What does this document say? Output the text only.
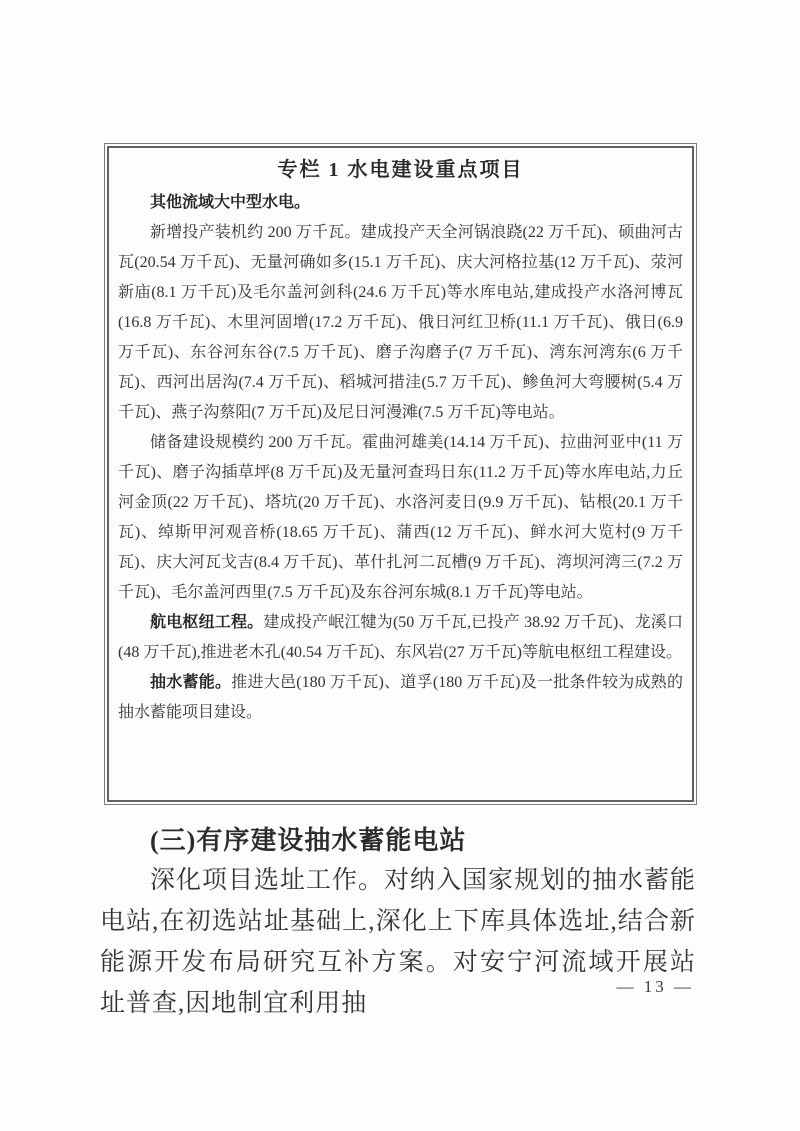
专栏 1 水电建设重点项目

其他流域大中型水电。

新增投产装机约 200 万千瓦。建成投产天全河锅浪跷(22 万千瓦)、硕曲河古瓦(20.54 万千瓦)、无量河确如多(15.1 万千瓦)、庆大河格拉基(12 万千瓦)、荥河新庙(8.1 万千瓦)及毛尔盖河剑科(24.6 万千瓦)等水库电站,建成投产水洛河博瓦(16.8 万千瓦)、木里河固增(17.2 万千瓦)、俄日河红卫桥(11.1 万千瓦)、俄日(6.9 万千瓦)、东谷河东谷(7.5 万千瓦)、磨子沟磨子(7 万千瓦)、湾东河湾东(6 万千瓦)、西河出居沟(7.4 万千瓦)、稻城河措洼(5.7 万千瓦)、鲹鱼河大弯腰树(5.4 万千瓦)、燕子沟蔡阳(7 万千瓦)及尼日河漫滩(7.5 万千瓦)等电站。

储备建设规模约 200 万千瓦。霍曲河雄美(14.14 万千瓦)、拉曲河亚中(11 万千瓦)、磨子沟插草坪(8 万千瓦)及无量河查玛日东(11.2 万千瓦)等水库电站,力丘河金顶(22 万千瓦)、塔坑(20 万千瓦)、水洛河麦日(9.9 万千瓦)、钻根(20.1 万千瓦)、绰斯甲河观音桥(18.65 万千瓦)、蒲西(12 万千瓦)、鲜水河大览村(9 万千瓦)、庆大河瓦戈吉(8.4 万千瓦)、革什扎河二瓦槽(9 万千瓦)、湾坝河湾三(7.2 万千瓦)、毛尔盖河西里(7.5 万千瓦)及东谷河东城(8.1 万千瓦)等电站。

航电枢纽工程。建成投产岷江犍为(50 万千瓦,已投产 38.92 万千瓦)、龙溪口(48 万千瓦),推进老木孔(40.54 万千瓦)、东风岩(27 万千瓦)等航电枢纽工程建设。

抽水蓄能。推进大邑(180 万千瓦)、道孚(180 万千瓦)及一批条件较为成熟的抽水蓄能项目建设。

(三)有序建设抽水蓄能电站
深化项目选址工作。对纳入国家规划的抽水蓄能电站,在初选站址基础上,深化上下库具体选址,结合新能源开发布局研究互补方案。对安宁河流域开展站址普查,因地制宜利用抽
— 13 —
